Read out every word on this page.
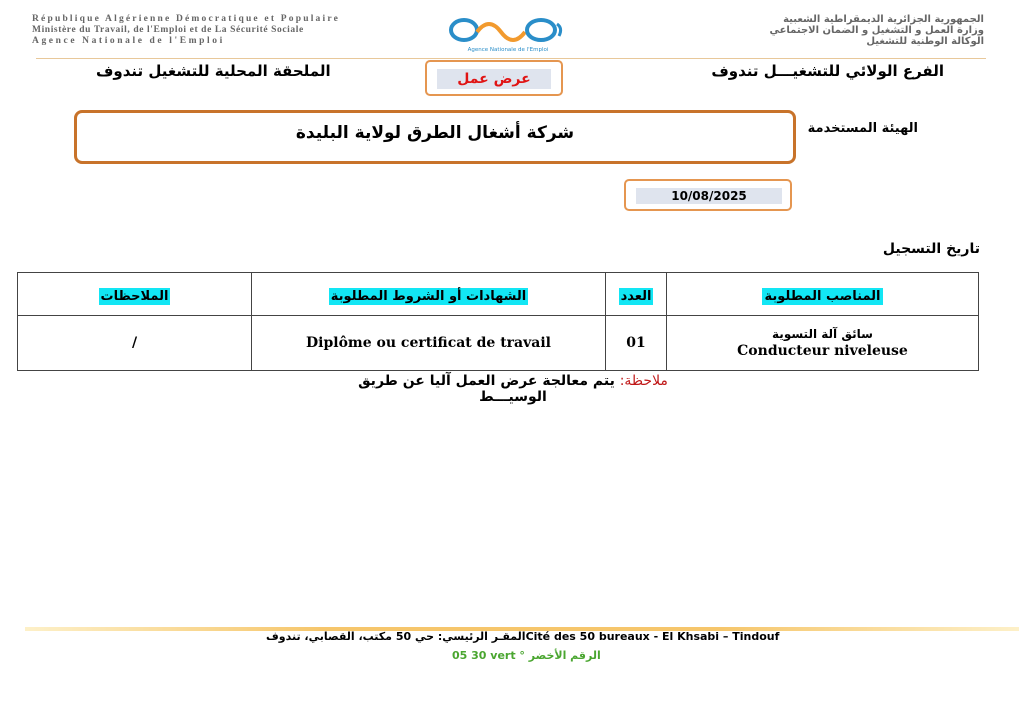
République Algérienne Démocratique et Populaire
Ministère du Travail, de l'Emploi et de La Sécurité Sociale
Agence Nationale de l'Emploi
Agence Nationale de l'Emploi
الجمهورية الجزائرية الديمقراطية الشعبية
وزارة العمل و التشغيل و الضمان الاجتماعي
الوكالة الوطنية للتشغيل
الفرع الولائي للتشغيـــل تندوف
عرض عمل
الملحقة المحلية للتشغيل تندوف
الهيئة المستخدمة
شركة أشغال الطرق لولاية البليدة
10/08/2025
تاريخ التسجيل
الملاحظات	الشهادات أو الشروط المطلوبة	العدد	المناصب المطلوبة
/	Diplôme ou certificat de travail	01	سائق آلة التسوية
Conducteur niveleuse
ملاحظة: يتم معالجة عرض العمل آليا عن طريق الوسيـــط
المقـر الرئيسي: حي 50 مكتب، القصابي، تندوفCité des 50 bureaux - El Khsabi – Tindouf
05 30 vert ° الرقم الأخضر
